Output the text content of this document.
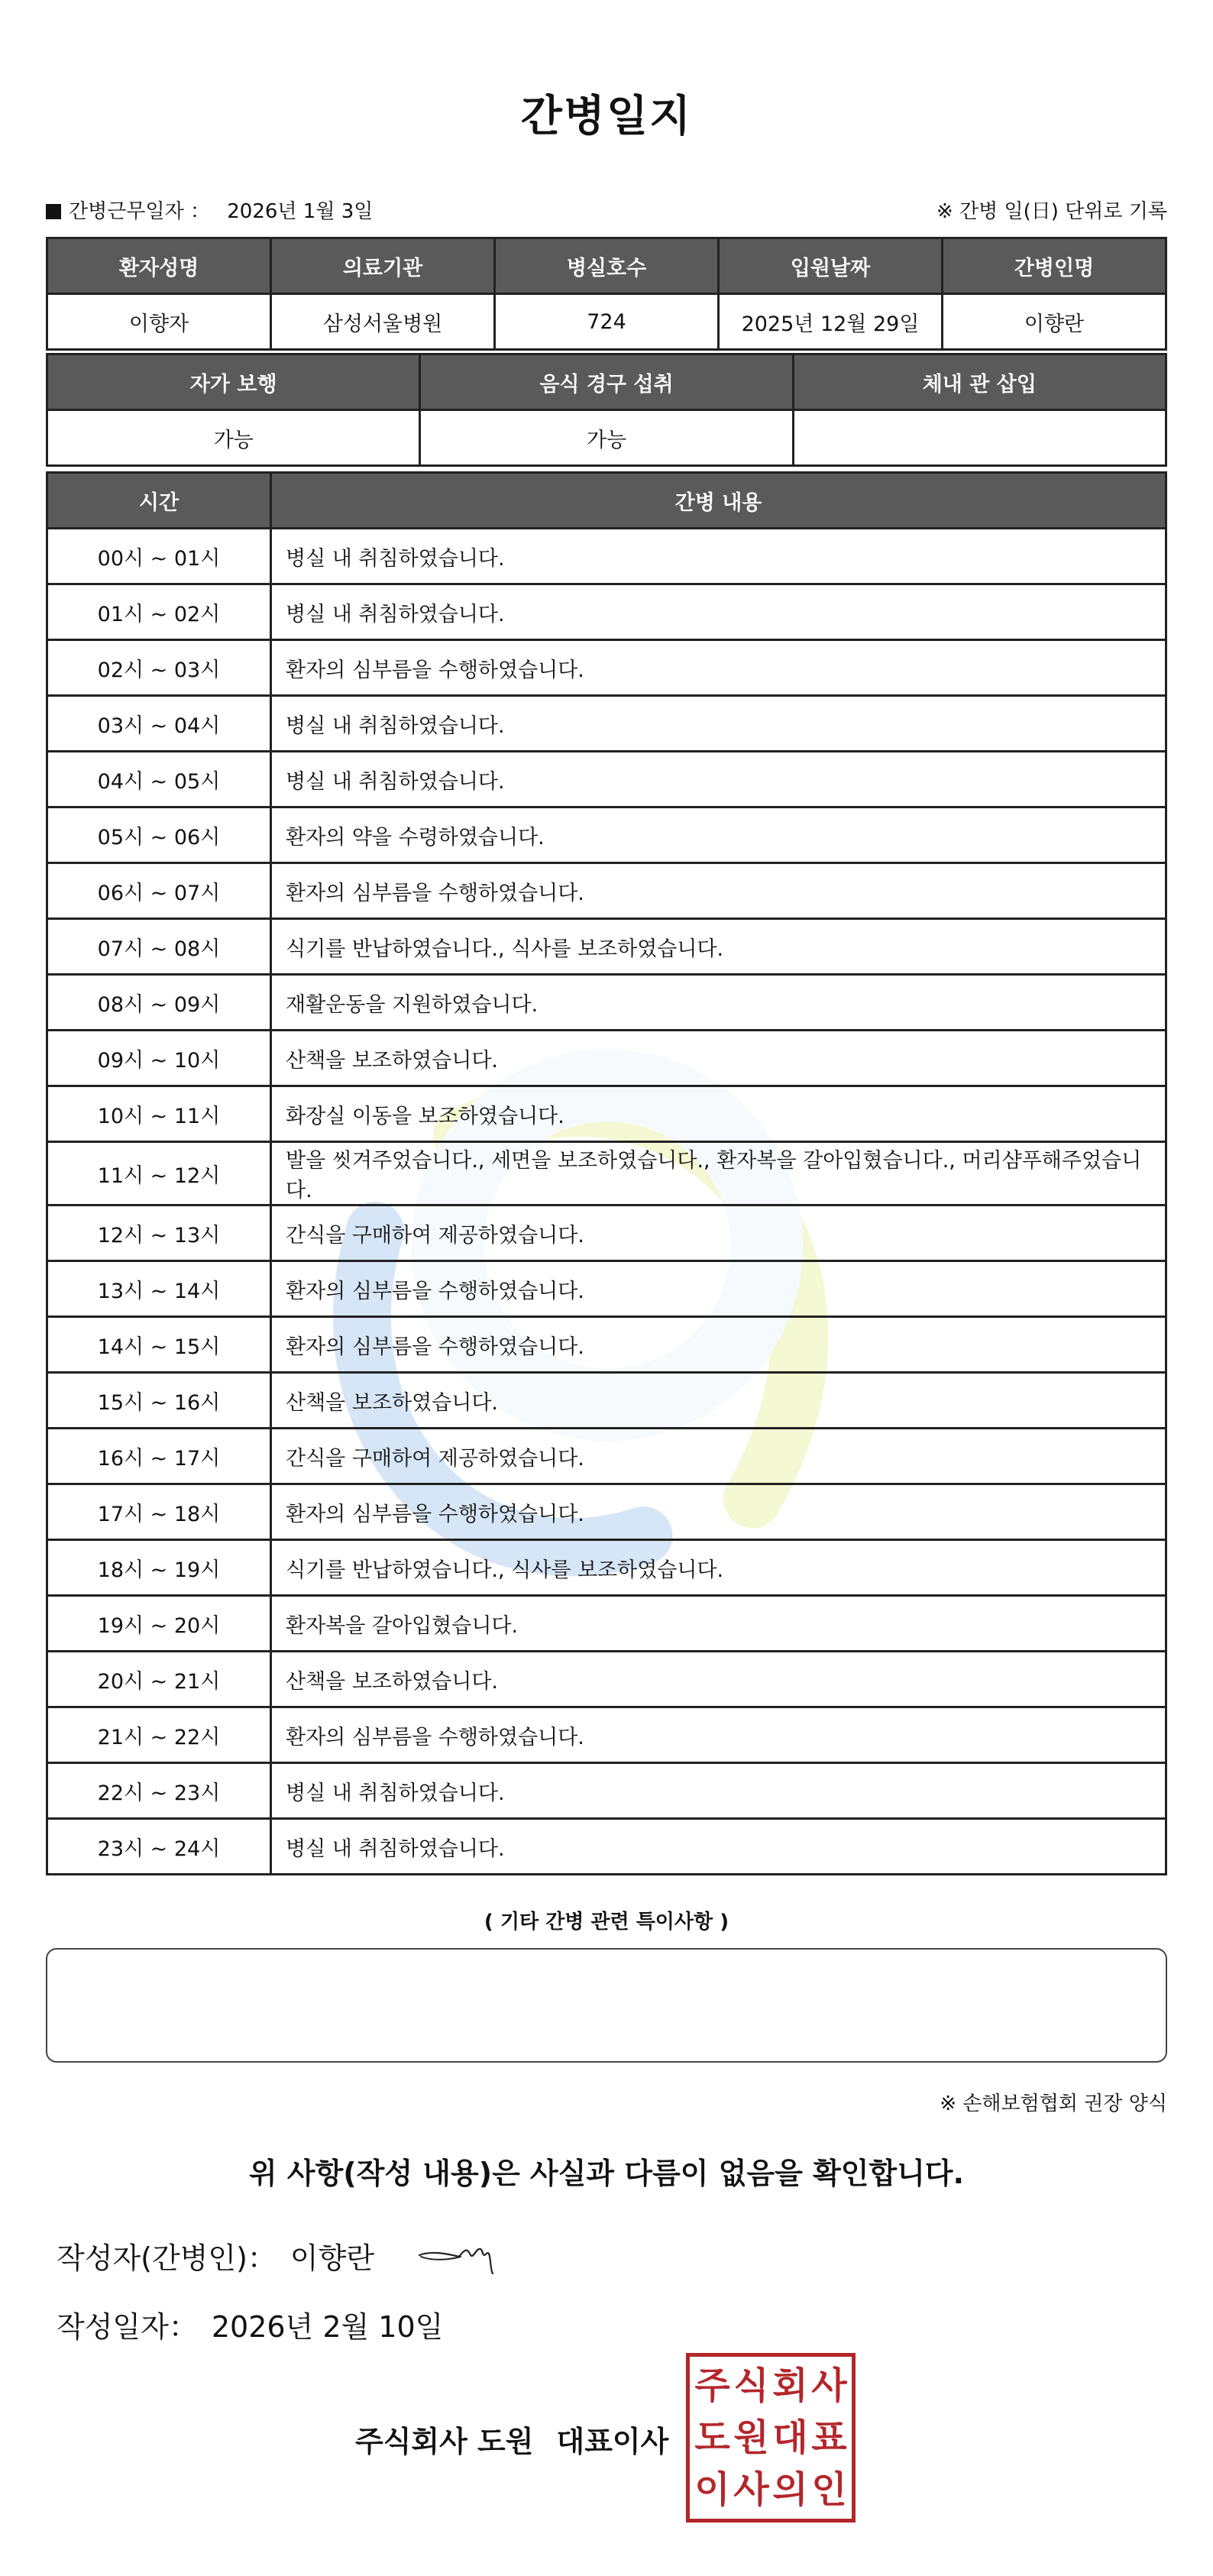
간병일지
간병근무일자 ： 2026년 1월 3일	※ 간병 일(日) 단위로 기록
환자성명	의료기관	병실호수	입원날짜	간병인명
이향자	삼성서울병원	724	2025년 12월 29일	이향란
자가 보행	음식 경구 섭취	체내 관 삽입
가능	가능	
시간	간병 내용
00시 ~ 01시	병실 내 취침하였습니다.
01시 ~ 02시	병실 내 취침하였습니다.
02시 ~ 03시	환자의 심부름을 수행하였습니다.
03시 ~ 04시	병실 내 취침하였습니다.
04시 ~ 05시	병실 내 취침하였습니다.
05시 ~ 06시	환자의 약을 수령하였습니다.
06시 ~ 07시	환자의 심부름을 수행하였습니다.
07시 ~ 08시	식기를 반납하였습니다., 식사를 보조하였습니다.
08시 ~ 09시	재활운동을 지원하였습니다.
09시 ~ 10시	산책을 보조하였습니다.
10시 ~ 11시	화장실 이동을 보조하였습니다.
11시 ~ 12시	발을 씻겨주었습니다., 세면을 보조하였습니다., 환자복을 갈아입혔습니다., 머리샴푸해주었습니다.
12시 ~ 13시	간식을 구매하여 제공하였습니다.
13시 ~ 14시	환자의 심부름을 수행하였습니다.
14시 ~ 15시	환자의 심부름을 수행하였습니다.
15시 ~ 16시	산책을 보조하였습니다.
16시 ~ 17시	간식을 구매하여 제공하였습니다.
17시 ~ 18시	환자의 심부름을 수행하였습니다.
18시 ~ 19시	식기를 반납하였습니다., 식사를 보조하였습니다.
19시 ~ 20시	환자복을 갈아입혔습니다.
20시 ~ 21시	산책을 보조하였습니다.
21시 ~ 22시	환자의 심부름을 수행하였습니다.
22시 ~ 23시	병실 내 취침하였습니다.
23시 ~ 24시	병실 내 취침하였습니다.
( 기타 간병 관련 특이사항 )
※ 손해보험협회 권장 양식
위 사항(작성 내용)은 사실과 다름이 없음을 확인합니다.
작성자(간병인)： 이향란
작성일자： 2026년 2월 10일
주식회사 도원 대표이사
주 식 회 사
도 원 대 표
이 사 의 인
